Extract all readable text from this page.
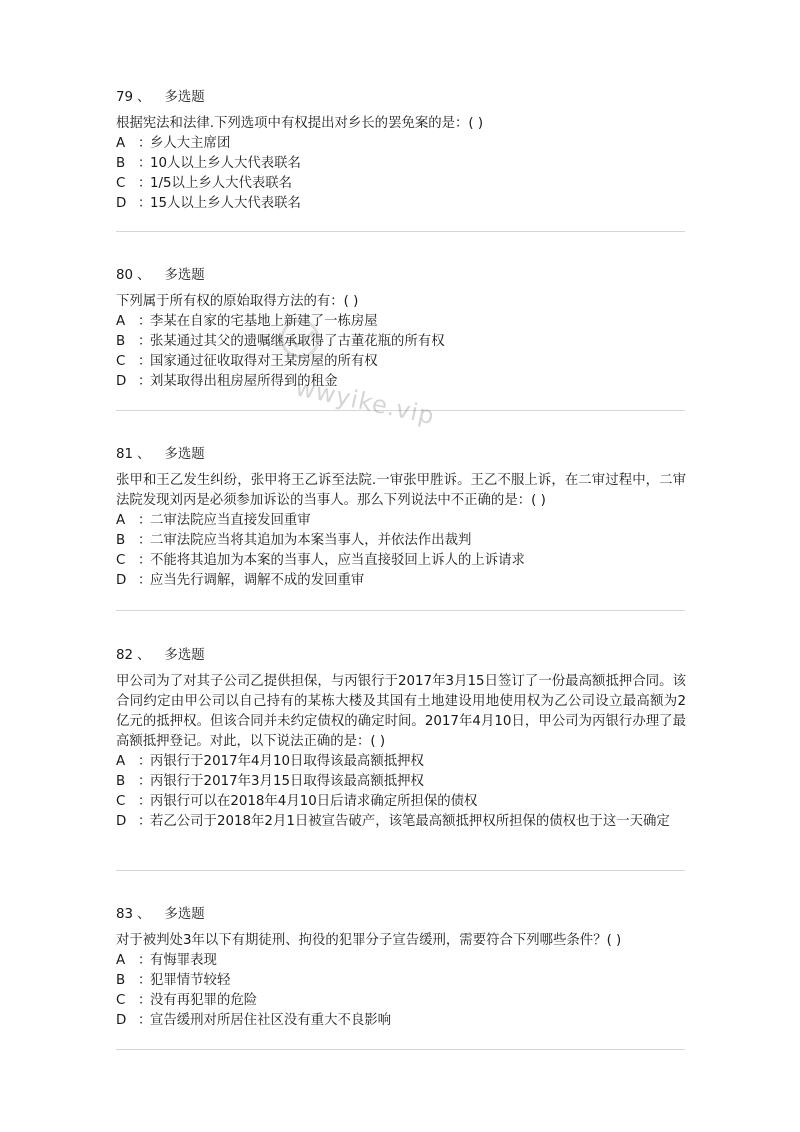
79 、 多选题
根据宪法和法律.下列选项中有权提出对乡长的罢免案的是：( )
A ：
乡人大主席团
B ：
10人以上乡人大代表联名
C ：
1/5以上乡人大代表联名
D ：
15人以上乡人大代表联名
80 、 多选题
下列属于所有权的原始取得方法的有：( )
A ：
李某在自家的宅基地上新建了一栋房屋
B ：
张某通过其父的遗嘱继承取得了古董花瓶的所有权
C ：
国家通过征收取得对王某房屋的所有权
D ：
刘某取得出租房屋所得到的租金
81 、 多选题
张甲和王乙发生纠纷，张甲将王乙诉至法院.一审张甲胜诉。王乙不服上诉，在二审过程中，二审法院发现刘丙是必须参加诉讼的当事人。那么下列说法中不正确的是：( )
A ：
二审法院应当直接发回重审
B ：
二审法院应当将其追加为本案当事人，并依法作出裁判
C ：
不能将其追加为本案的当事人，应当直接驳回上诉人的上诉请求
D ：
应当先行调解，调解不成的发回重审
82 、 多选题
甲公司为了对其子公司乙提供担保，与丙银行于2017年3月15日签订了一份最高额抵押合同。该合同约定由甲公司以自己持有的某栋大楼及其国有土地建设用地使用权为乙公司设立最高额为2亿元的抵押权。但该合同并未约定债权的确定时间。2017年4月10日，甲公司为丙银行办理了最高额抵押登记。对此，以下说法正确的是：( )
A ：
丙银行于2017年4月10日取得该最高额抵押权
B ：
丙银行于2017年3月15日取得该最高额抵押权
C ：
丙银行可以在2018年4月10日后请求确定所担保的债权
D ：
若乙公司于2018年2月1日被宣告破产，该笔最高额抵押权所担保的债权也于这一天确定
83 、 多选题
对于被判处3年以下有期徒刑、拘役的犯罪分子宣告缓刑，需要符合下列哪些条件？( )
A ：
有悔罪表现
B ：
犯罪情节较轻
C ：
没有再犯罪的危险
D ：
宣告缓刑对所居住社区没有重大不良影响
wwyike.vip
